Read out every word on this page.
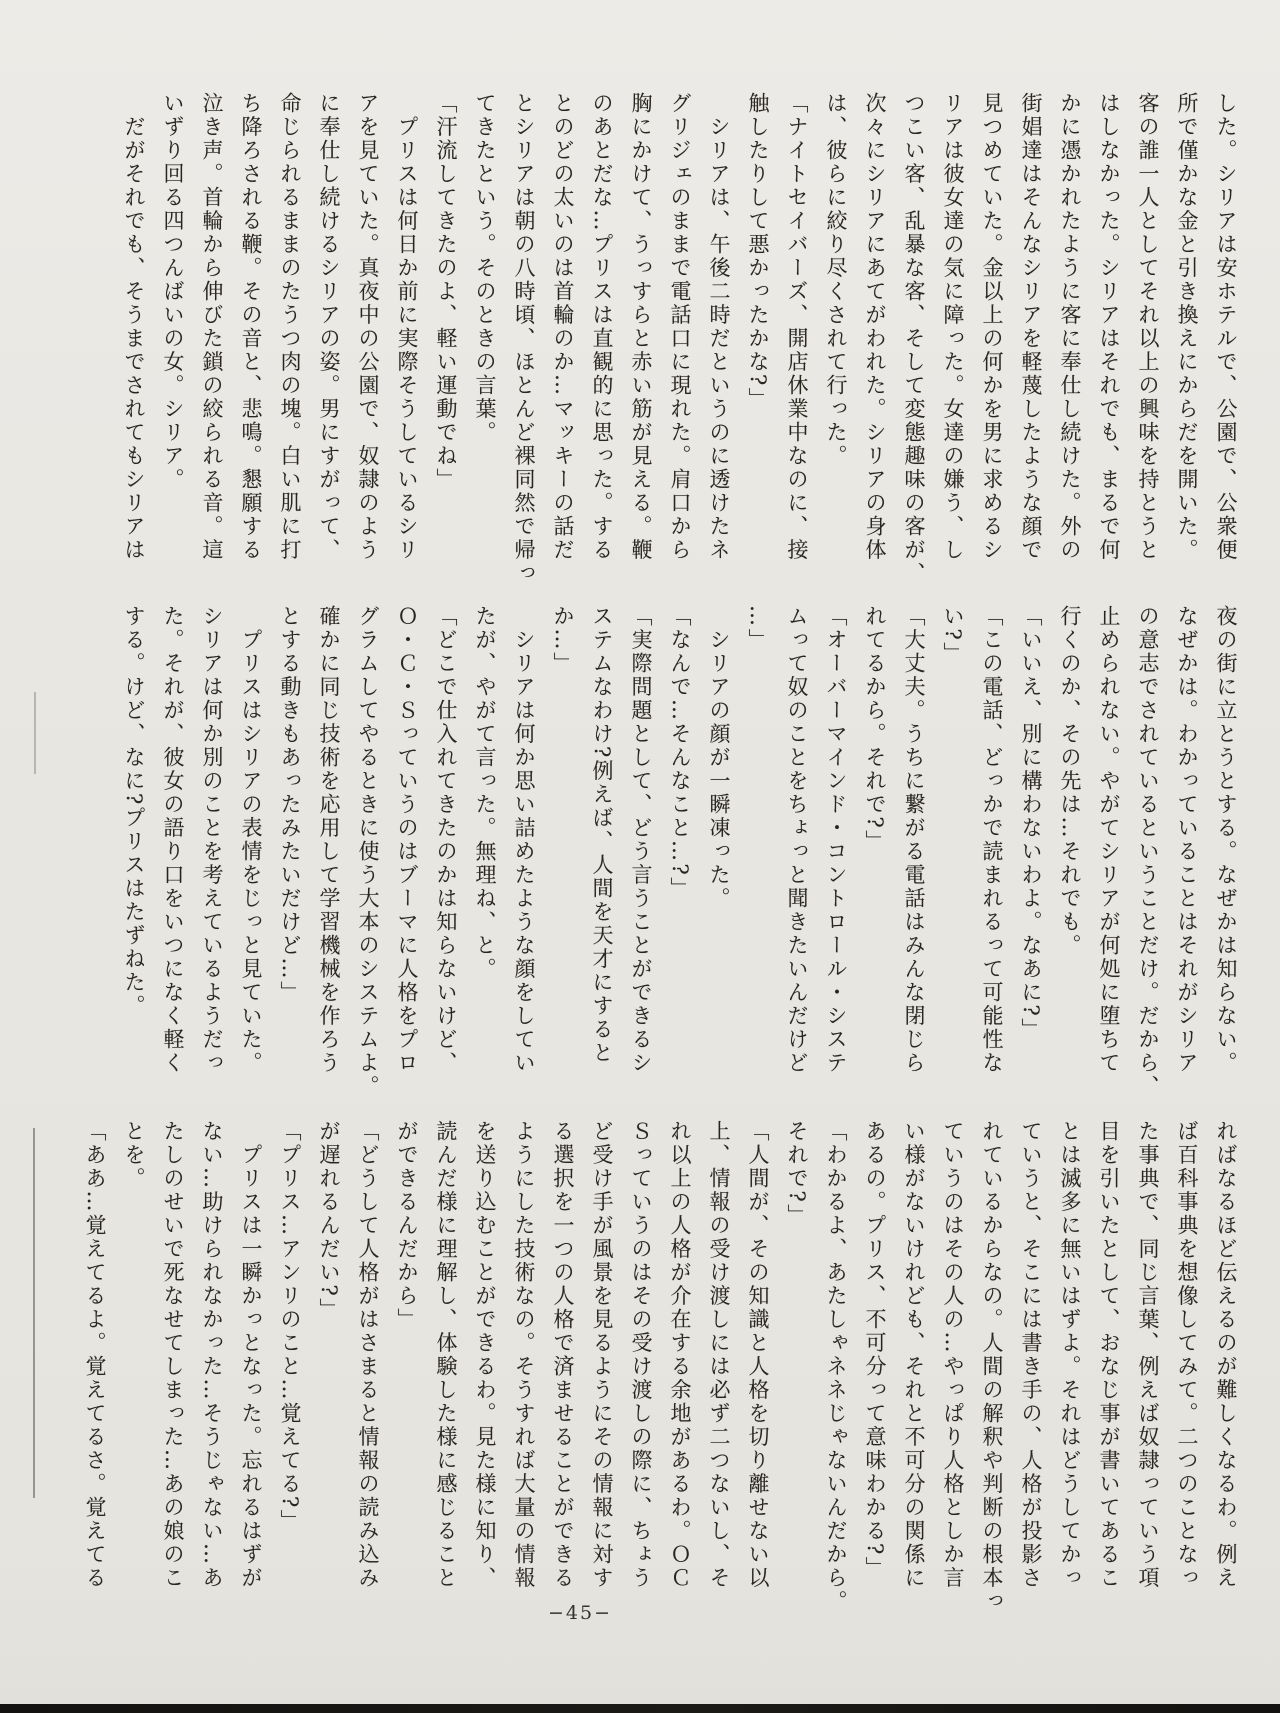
した。シリアは安ホテルで、公園で、公衆便
所で僅かな金と引き換えにからだを開いた。
客の誰一人としてそれ以上の興味を持とうと
はしなかった。シリアはそれでも、まるで何
かに憑かれたように客に奉仕し続けた。外の
街娼達はそんなシリアを軽蔑したような顔で
見つめていた。金以上の何かを男に求めるシ
リアは彼女達の気に障った。女達の嫌う、し
つこい客、乱暴な客、そして変態趣味の客が、
次々にシリアにあてがわれた。シリアの身体
は、彼らに絞り尽くされて行った。
「ナイトセイバーズ、開店休業中なのに、接
触したりして悪かったかな?」
　シリアは、午後二時だというのに透けたネ
グリジェのままで電話口に現れた。肩口から
胸にかけて、うっすらと赤い筋が見える。鞭
のあとだな…プリスは直観的に思った。する
とのどの太いのは首輪のか…マッキーの話だ
とシリアは朝の八時頃、ほとんど裸同然で帰っ
てきたという。そのときの言葉。
「汗流してきたのよ、軽い運動でね」
　プリスは何日か前に実際そうしているシリ
アを見ていた。真夜中の公園で、奴隷のよう
に奉仕し続けるシリアの姿。男にすがって、
命じられるままのたうつ肉の塊。白い肌に打
ち降ろされる鞭。その音と、悲鳴。懇願する
泣き声。首輪から伸びた鎖の絞られる音。這
いずり回る四つんばいの女。シリア。
　だがそれでも、そうまでされてもシリアは
夜の街に立とうとする。なぜかは知らない。
なぜかは。わかっていることはそれがシリア
の意志でされているということだけ。だから、
止められない。やがてシリアが何処に堕ちて
行くのか、その先は…それでも。
「いいえ、別に構わないわよ。なあに?」
「この電話、どっかで読まれるって可能性な
い?」
「大丈夫。うちに繋がる電話はみんな閉じら
れてるから。それで?」
「オーバーマインド・コントロール・システ
ムって奴のことをちょっと聞きたいんだけど
…」
　シリアの顔が一瞬凍った。
「なんで…そんなこと…?」
「実際問題として、どう言うことができるシ
ステムなわけ?例えば、人間を天才にすると
か…」
　シリアは何か思い詰めたような顔をしてい
たが、やがて言った。無理ね、と。
「どこで仕入れてきたのかは知らないけど、
Ｏ・Ｃ・Ｓっていうのはブーマに人格をプロ
グラムしてやるときに使う大本のシステムよ。
確かに同じ技術を応用して学習機械を作ろう
とする動きもあったみたいだけど…」
　プリスはシリアの表情をじっと見ていた。
シリアは何か別のことを考えているようだっ
た。それが、彼女の語り口をいつになく軽く
する。けど、なに?プリスはたずねた。
ればなるほど伝えるのが難しくなるわ。例え
ば百科事典を想像してみて。二つのことなっ
た事典で、同じ言葉、例えば奴隷っていう項
目を引いたとして、おなじ事が書いてあるこ
とは滅多に無いはずよ。それはどうしてかっ
ていうと、そこには書き手の、人格が投影さ
れているからなの。人間の解釈や判断の根本っ
ていうのはその人の…やっぱり人格としか言
い様がないけれども、それと不可分の関係に
あるの。プリス、不可分って意味わかる?」
「わかるよ、あたしゃネネじゃないんだから。
それで?」
「人間が、その知識と人格を切り離せない以
上、情報の受け渡しには必ず二つないし、そ
れ以上の人格が介在する余地があるわ。ＯＣ
Ｓっていうのはその受け渡しの際に、ちょう
ど受け手が風景を見るようにその情報に対す
る選択を一つの人格で済ませることができる
ようにした技術なの。そうすれば大量の情報
を送り込むことができるわ。見た様に知り、
読んだ様に理解し、体験した様に感じること
ができるんだから」
「どうして人格がはさまると情報の読み込み
が遅れるんだい?」
「プリス…アンリのこと…覚えてる?」
　プリスは一瞬かっとなった。忘れるはずが
ない…助けられなかった…そうじゃない…あ
たしのせいで死なせてしまった…あの娘のこ
とを。
「ああ…覚えてるよ。覚えてるさ。覚えてる
−45−
